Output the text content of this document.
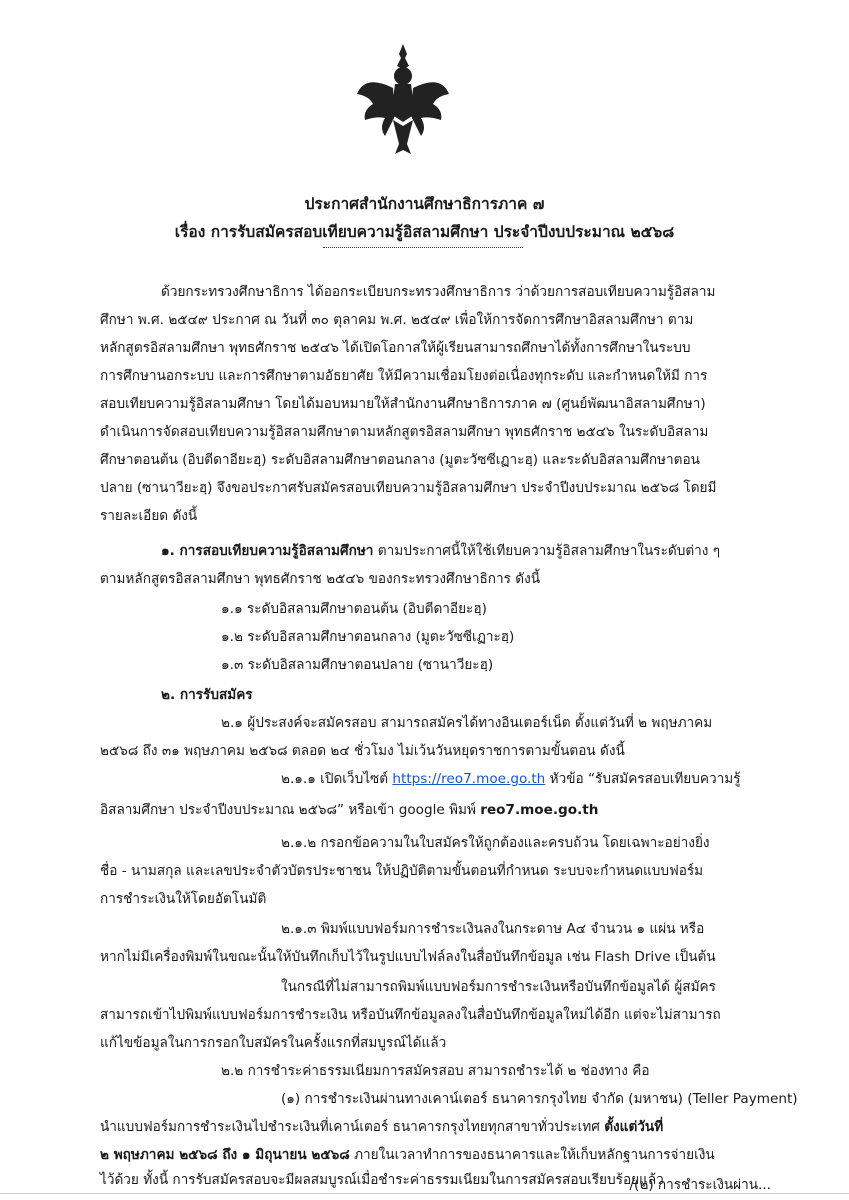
ประกาศสำนักงานศึกษาธิการภาค ๗
เรื่อง การรับสมัครสอบเทียบความรู้อิสลามศึกษา ประจำปีงบประมาณ ๒๕๖๘
ด้วยกระทรวงศึกษาธิการ ได้ออกระเบียบกระทรวงศึกษาธิการ ว่าด้วยการสอบเทียบความรู้อิสลาม
ศึกษา พ.ศ. ๒๕๔๙ ประกาศ ณ วันที่ ๓๐ ตุลาคม พ.ศ. ๒๕๔๙ เพื่อให้การจัดการศึกษาอิสลามศึกษา ตาม
หลักสูตรอิสลามศึกษา พุทธศักราช ๒๕๔๖ ได้เปิดโอกาสให้ผู้เรียนสามารถศึกษาได้ทั้งการศึกษาในระบบ
การศึกษานอกระบบ และการศึกษาตามอัธยาศัย ให้มีความเชื่อมโยงต่อเนื่องทุกระดับ และกำหนดให้มี การ
สอบเทียบความรู้อิสลามศึกษา โดยได้มอบหมายให้สำนักงานศึกษาธิการภาค ๗ (ศูนย์พัฒนาอิสลามศึกษา)
ดำเนินการจัดสอบเทียบความรู้อิสลามศึกษาตามหลักสูตรอิสลามศึกษา พุทธศักราช ๒๕๔๖ ในระดับอิสลาม
ศึกษาตอนต้น (อิบตีดาอียะฮฺ) ระดับอิสลามศึกษาตอนกลาง (มูตะวัซซีเฏาะฮฺ) และระดับอิสลามศึกษาตอน
ปลาย (ซานาวียะฮฺ) จึงขอประกาศรับสมัครสอบเทียบความรู้อิสลามศึกษา ประจำปีงบประมาณ ๒๕๖๘ โดยมี
รายละเอียด ดังนี้
๑. การสอบเทียบความรู้อิสลามศึกษา ตามประกาศนี้ให้ใช้เทียบความรู้อิสลามศึกษาในระดับต่าง ๆ
ตามหลักสูตรอิสลามศึกษา พุทธศักราช ๒๕๔๖ ของกระทรวงศึกษาธิการ ดังนี้
๑.๑ ระดับอิสลามศึกษาตอนต้น (อิบตีดาอียะฮฺ)
๑.๒ ระดับอิสลามศึกษาตอนกลาง (มูตะวัซซีเฏาะฮฺ)
๑.๓ ระดับอิสลามศึกษาตอนปลาย (ซานาวียะฮฺ)
๒. การรับสมัคร
๒.๑ ผู้ประสงค์จะสมัครสอบ สามารถสมัครได้ทางอินเตอร์เน็ต ตั้งแต่วันที่ ๒ พฤษภาคม
๒๕๖๘ ถึง ๓๑ พฤษภาคม ๒๕๖๘ ตลอด ๒๔ ชั่วโมง ไม่เว้นวันหยุดราชการตามขั้นตอน ดังนี้
๒.๑.๑ เปิดเว็บไซต์ https://reo7.moe.go.th หัวข้อ “รับสมัครสอบเทียบความรู้
อิสลามศึกษา ประจำปีงบประมาณ ๒๕๖๘” หรือเข้า google พิมพ์ reo7.moe.go.th
๒.๑.๒ กรอกข้อความในใบสมัครให้ถูกต้องและครบถ้วน โดยเฉพาะอย่างยิ่ง
ชื่อ - นามสกุล และเลขประจำตัวบัตรประชาชน ให้ปฏิบัติตามขั้นตอนที่กำหนด ระบบจะกำหนดแบบฟอร์ม
การชำระเงินให้โดยอัตโนมัติ
๒.๑.๓ พิมพ์แบบฟอร์มการชำระเงินลงในกระดาษ A๔ จำนวน ๑ แผ่น หรือ
หากไม่มีเครื่องพิมพ์ในขณะนั้นให้บันทึกเก็บไว้ในรูปแบบไฟล์ลงในสื่อบันทึกข้อมูล เช่น Flash Drive เป็นต้น
ในกรณีที่ไม่สามารถพิมพ์แบบฟอร์มการชำระเงินหรือบันทึกข้อมูลได้ ผู้สมัคร
สามารถเข้าไปพิมพ์แบบฟอร์มการชำระเงิน หรือบันทึกข้อมูลลงในสื่อบันทึกข้อมูลใหม่ได้อีก แต่จะไม่สามารถ
แก้ไขข้อมูลในการกรอกใบสมัครในครั้งแรกที่สมบูรณ์ได้แล้ว
๒.๒ การชำระค่าธรรมเนียมการสมัครสอบ สามารถชำระได้ ๒ ช่องทาง คือ
(๑) การชำระเงินผ่านทางเคาน์เตอร์ ธนาคารกรุงไทย จำกัด (มหาชน) (Teller Payment)
นำแบบฟอร์มการชำระเงินไปชำระเงินที่เคาน์เตอร์ ธนาคารกรุงไทยทุกสาขาทั่วประเทศ ตั้งแต่วันที่
๒ พฤษภาคม ๒๕๖๘ ถึง ๑ มิถุนายน ๒๕๖๘ ภายในเวลาทำการของธนาคารและให้เก็บหลักฐานการจ่ายเงิน
ไว้ด้วย ทั้งนี้ การรับสมัครสอบจะมีผลสมบูรณ์เมื่อชำระค่าธรรมเนียมในการสมัครสอบเรียบร้อยแล้ว
/(๒) การชำระเงินผ่าน...
